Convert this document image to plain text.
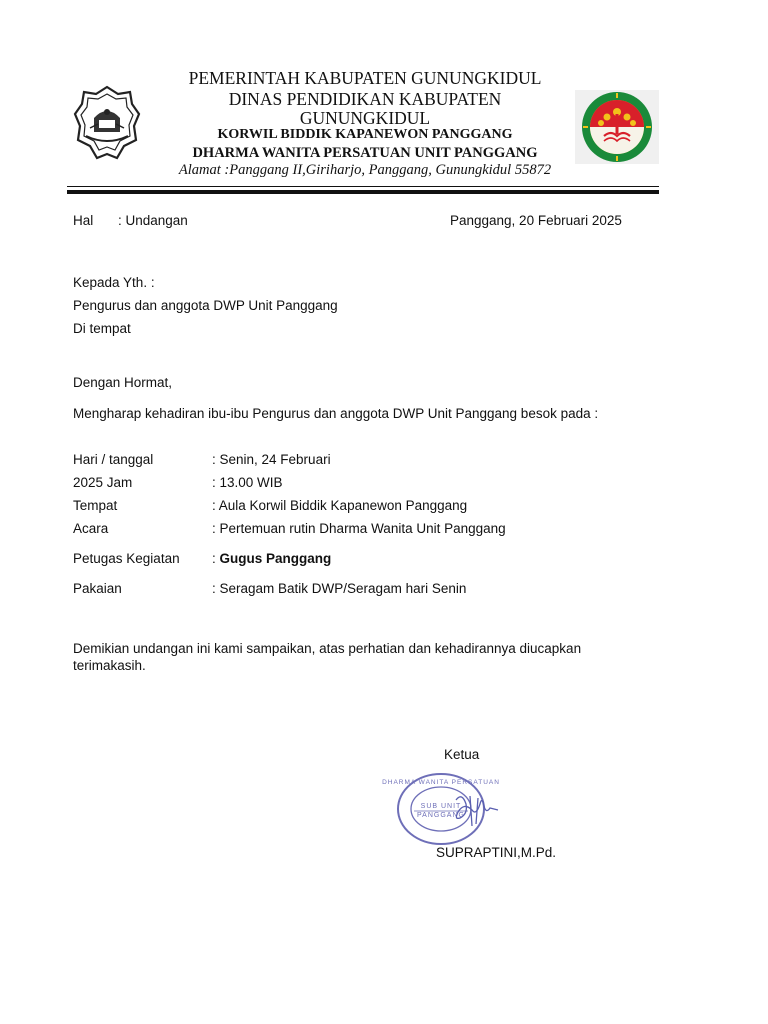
PEMERINTAH KABUPATEN GUNUNGKIDUL
DINAS PENDIDIKAN KABUPATEN
GUNUNGKIDUL
KORWIL BIDDIK KAPANEWON PANGGANG
DHARMA WANITA PERSATUAN UNIT PANGGANG
Alamat :Panggang II,Giriharjo, Panggang, Gunungkidul 55872
Hal : Undangan	Panggang, 20 Februari 2025
Kepada Yth. :
Pengurus dan anggota DWP Unit Panggang
Di tempat
Dengan Hormat,
Mengharap kehadiran ibu-ibu Pengurus dan anggota DWP Unit Panggang besok pada :
Hari / tanggal	: Senin, 24 Februari
2025 Jam	: 13.00 WIB
Tempat	: Aula Korwil Biddik Kapanewon Panggang
Acara	: Pertemuan rutin Dharma Wanita Unit Panggang
Petugas Kegiatan : Gugus Panggang
Pakaian	: Seragam Batik DWP/Seragam hari Senin
Demikian undangan ini kami sampaikan, atas perhatian dan kehadirannya diucapkan
terimakasih.
Ketua
DHARMA WANITA PERSATUAN
SUB UNIT
PANGGANG
SUPRAPTINI,M.Pd.
